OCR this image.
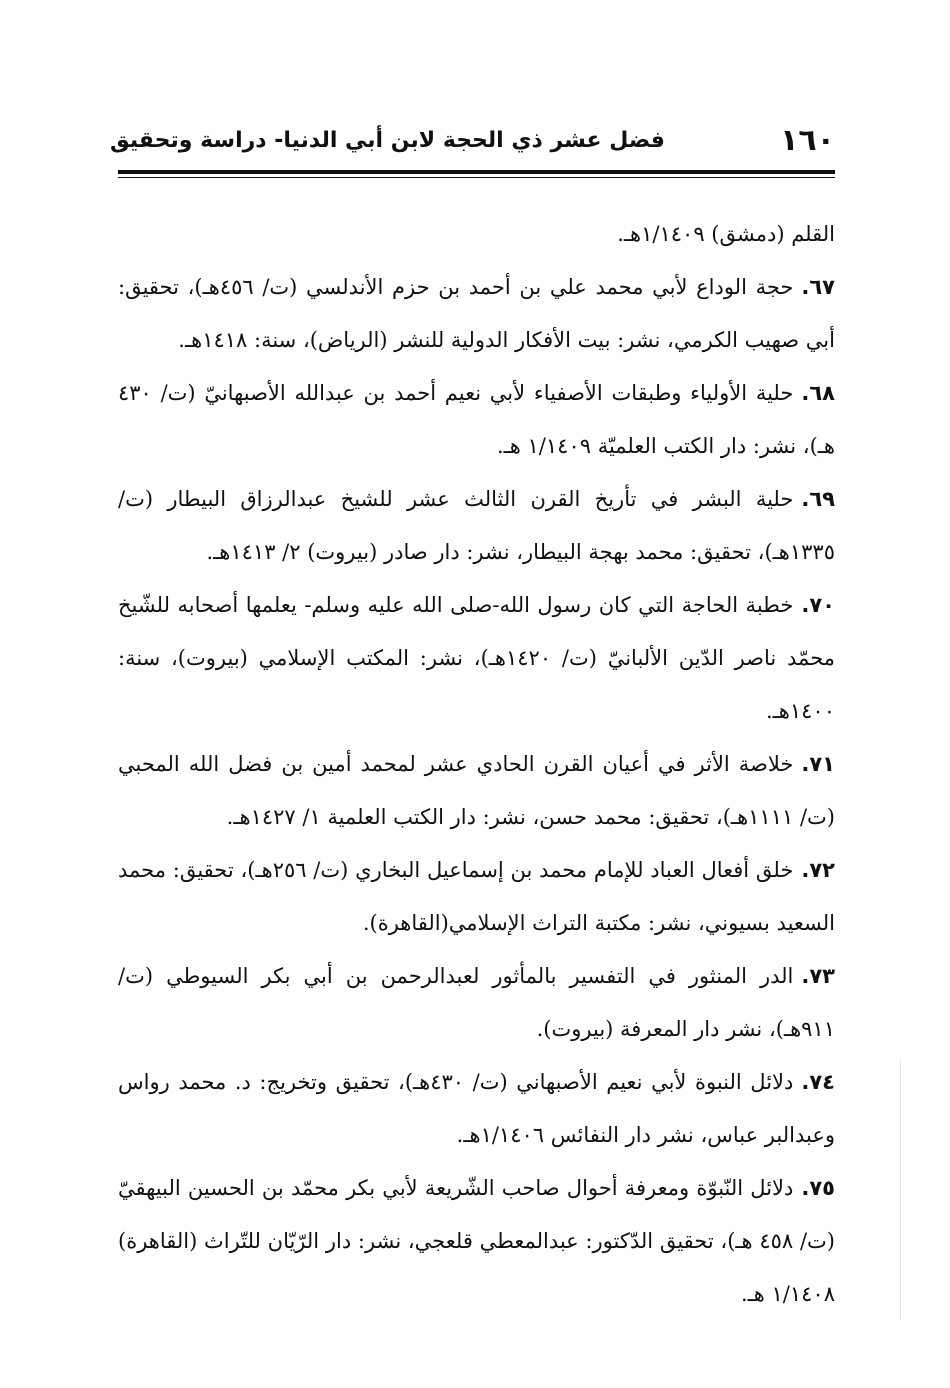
١٦٠
فضل عشر ذي الحجة لابن أبي الدنيا- دراسة وتحقيق

القلم (دمشق) ١/١٤٠٩هـ.

٦٧.حجة الوداع لأبي محمد علي بن أحمد بن حزم الأندلسي (ت/ ٤٥٦هـ)، تحقيق: أبي صهيب الكرمي، نشر: بيت الأفكار الدولية للنشر (الرياض)، سنة: ١٤١٨هـ.

٦٨.حلية الأولياء وطبقات الأصفياء لأبي نعيم أحمد بن عبدالله الأصبهانيّ (ت/ ٤٣٠ هـ)، نشر: دار الكتب العلميّة ١/١٤٠٩ هـ.

٦٩.حلية البشر في تأريخ القرن الثالث عشر للشيخ عبدالرزاق البيطار (ت/ ١٣٣٥هـ)، تحقيق: محمد بهجة البيطار، نشر: دار صادر (بيروت) ٢/ ١٤١٣هـ.

٧٠.خطبة الحاجة التي كان رسول الله-صلى الله عليه وسلم- يعلمها أصحابه للشّيخ محمّد ناصر الدّين الألبانيّ (ت/ ١٤٢٠هـ)، نشر: المكتب الإسلامي (بيروت)، سنة: ١٤٠٠هـ.

٧١.خلاصة الأثر في أعيان القرن الحادي عشر لمحمد أمين بن فضل الله المحبي (ت/ ١١١١هـ)، تحقيق: محمد حسن، نشر: دار الكتب العلمية ١/ ١٤٢٧هـ.

٧٢.خلق أفعال العباد للإمام محمد بن إسماعيل البخاري (ت/ ٢٥٦هـ)، تحقيق: محمد السعيد بسيوني، نشر: مكتبة التراث الإسلامي(القاهرة).

٧٣.الدر المنثور في التفسير بالمأثور لعبدالرحمن بن أبي بكر السيوطي (ت/ ٩١١هـ)، نشر دار المعرفة (بيروت).

٧٤.دلائل النبوة لأبي نعيم الأصبهاني (ت/ ٤٣٠هـ)، تحقيق وتخريج: د. محمد رواس وعبدالبر عباس، نشر دار النفائس ١/١٤٠٦هـ.

٧٥.دلائل النّبوّة ومعرفة أحوال صاحب الشّريعة لأبي بكر محمّد بن الحسين البيهقيّ (ت/ ٤٥٨ هـ)، تحقيق الدّكتور: عبدالمعطي قلعجي، نشر: دار الرّيّان للتّراث (القاهرة) ١/١٤٠٨ هـ.
